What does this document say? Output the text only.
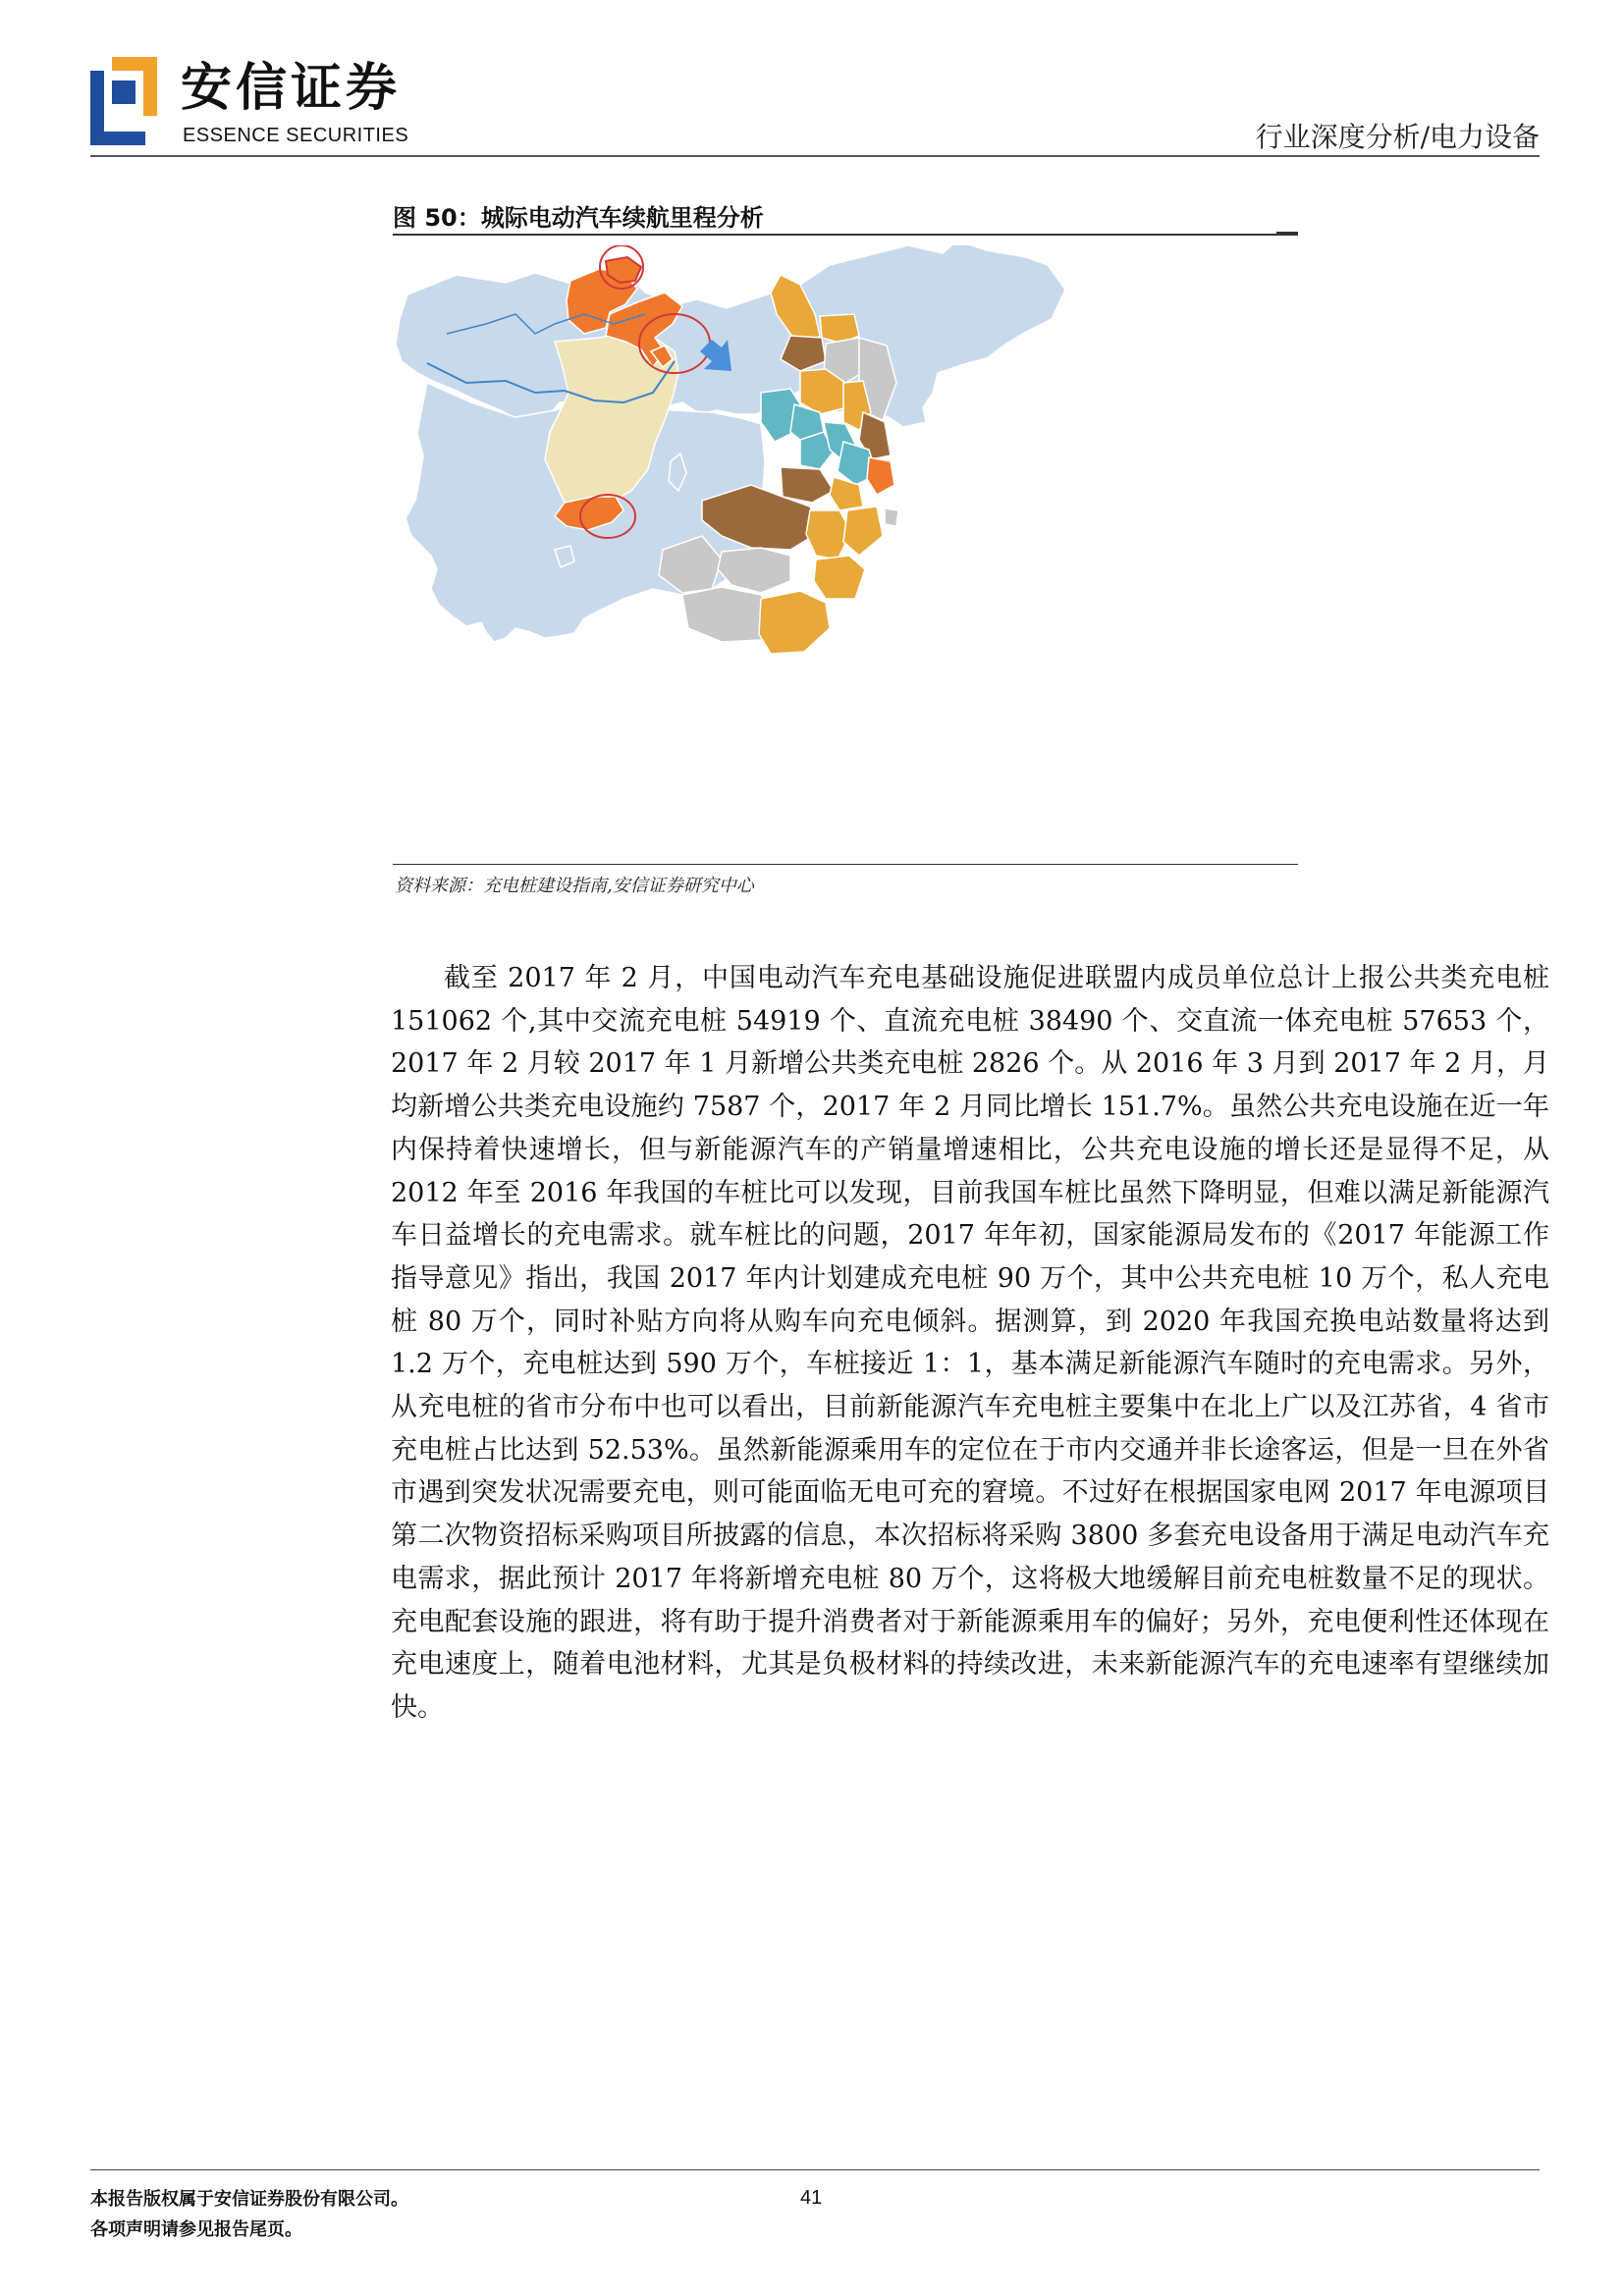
安信证券
ESSENCE SECURITIES	行业深度分析/电力设备
图 50：城际电动汽车续航里程分析
资料来源：充电桩建设指南,安信证券研究中心
截至 2017 年 2 月，中国电动汽车充电基础设施促进联盟内成员单位总计上报公共类充电桩 151062 个,其中交流充电桩 54919 个、直流充电桩 38490 个、交直流一体充电桩 57653 个，2017 年 2 月较 2017 年 1 月新增公共类充电桩 2826 个。从 2016 年 3 月到 2017 年 2 月，月均新增公共类充电设施约 7587 个，2017 年 2 月同比增长 151.7%。虽然公共充电设施在近一年内保持着快速增长，但与新能源汽车的产销量增速相比，公共充电设施的增长还是显得不足，从 2012 年至 2016 年我国的车桩比可以发现，目前我国车桩比虽然下降明显，但难以满足新能源汽车日益增长的充电需求。就车桩比的问题，2017 年年初，国家能源局发布的《2017 年能源工作指导意见》指出，我国 2017 年内计划建成充电桩 90 万个，其中公共充电桩 10 万个，私人充电桩 80 万个，同时补贴方向将从购车向充电倾斜。据测算，到 2020 年我国充换电站数量将达到 1.2 万个，充电桩达到 590 万个，车桩接近 1：1，基本满足新能源汽车随时的充电需求。另外，从充电桩的省市分布中也可以看出，目前新能源汽车充电桩主要集中在北上广以及江苏省，4 省市充电桩占比达到 52.53%。虽然新能源乘用车的定位在于市内交通并非长途客运，但是一旦在外省市遇到突发状况需要充电，则可能面临无电可充的窘境。不过好在根据国家电网 2017 年电源项目第二次物资招标采购项目所披露的信息，本次招标将采购 3800 多套充电设备用于满足电动汽车充电需求，据此预计 2017 年将新增充电桩 80 万个，这将极大地缓解目前充电桩数量不足的现状。充电配套设施的跟进，将有助于提升消费者对于新能源乘用车的偏好；另外，充电便利性还体现在充电速度上，随着电池材料，尤其是负极材料的持续改进，未来新能源汽车的充电速率有望继续加快。
本报告版权属于安信证券股份有限公司。
各项声明请参见报告尾页。
41
